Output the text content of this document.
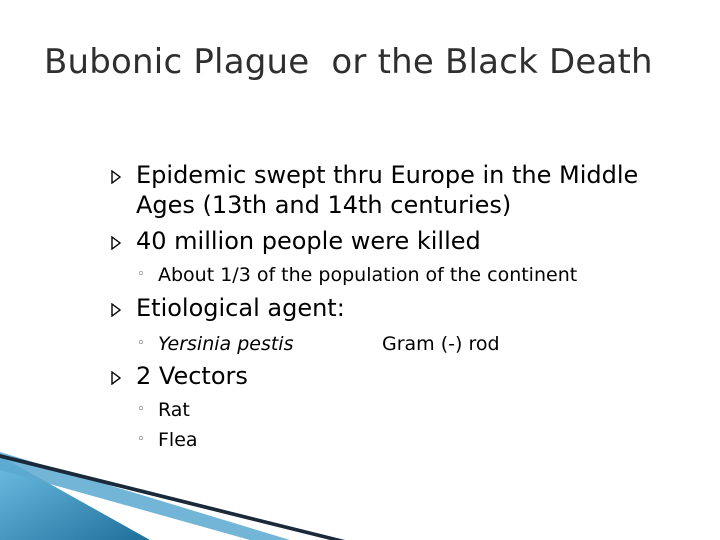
Bubonic Plague  or the Black Death
Epidemic swept thru Europe in the Middle Ages (13th and 14th centuries)
40 million people were killed
◦ About 1/3 of the population of the continent
Etiological agent:
◦ Yersinia pestis	Gram (-) rod
2 Vectors
◦ Rat
◦ Flea
